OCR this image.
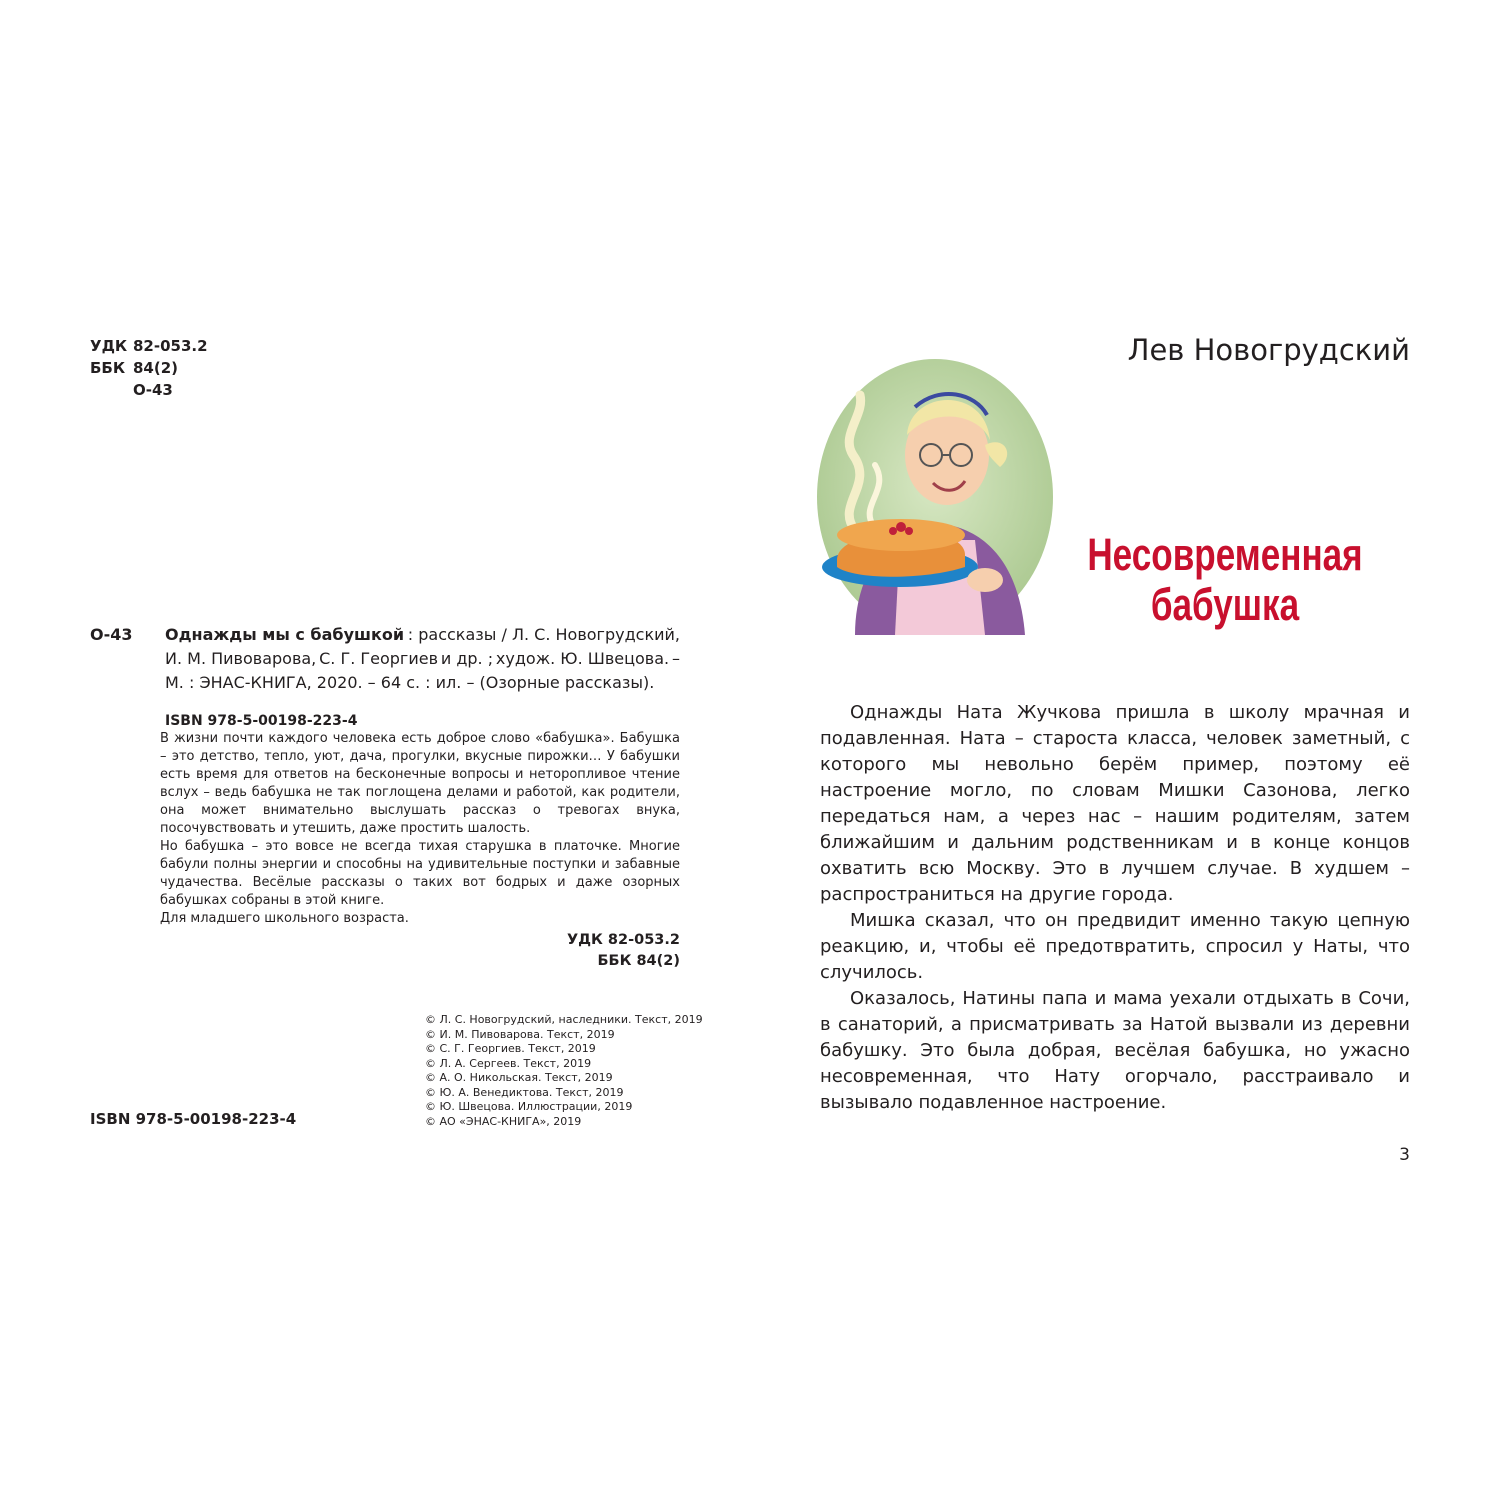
УДК 82-053.2
ББК 84(2)
О-43
О-43 Однажды мы с бабушкой : рассказы / Л. С. Новогрудский,
И. М. Пивоварова, С. Г. Георгиев и др. ; худож. Ю. Швецова. –
М. : ЭНАС-КНИГА, 2020. – 64 с. : ил. – (Озорные рассказы).
ISBN 978-5-00198-223-4

В жизни почти каждого человека есть доброе слово «бабушка». Бабушка – это детство, тепло, уют, дача, прогулки, вкусные пирожки… У бабушки есть время для ответов на бесконечные вопросы и неторопливое чтение вслух – ведь бабушка не так поглощена делами и работой, как родители, она может внимательно выслушать рассказ о тревогах внука, посочувствовать и утешить, даже простить шалость.

Но бабушка – это вовсе не всегда тихая старушка в платочке. Многие бабули полны энергии и способны на удивительные поступки и забавные чудачества. Весёлые рассказы о таких вот бодрых и даже озорных бабушках собраны в этой книге.

Для младшего школьного возраста.

УДК 82-053.2
ББК 84(2)
© Л. С. Новогрудский, наследники. Текст, 2019
© И. М. Пивоварова. Текст, 2019
© С. Г. Георгиев. Текст, 2019
© Л. А. Сергеев. Текст, 2019
© А. О. Никольская. Текст, 2019
© Ю. А. Венедиктова. Текст, 2019
© Ю. Швецова. Иллюстрации, 2019
© АО «ЭНАС-КНИГА», 2019
ISBN 978-5-00198-223-4
Лев Новогрудский
Несовременная
бабушка

Однажды Ната Жучкова пришла в школу мрачная и подавленная. Ната – староста класса, человек заметный, с которого мы невольно берём пример, поэтому её настроение могло, по словам Мишки Сазонова, легко передаться нам, а через нас – нашим родителям, затем ближайшим и дальним родственникам и в конце концов охватить всю Москву. Это в лучшем случае. В худшем – распространиться на другие города.

Мишка сказал, что он предвидит именно такую цепную реакцию, и, чтобы её предотвратить, спросил у Наты, что случилось.

Оказалось, Натины папа и мама уехали отдыхать в Сочи, в санаторий, а присматривать за Натой вызвали из деревни бабушку. Это была добрая, весёлая бабушка, но ужасно несовременная, что Нату огорчало, расстраивало и вызывало подавленное настроение.

3
